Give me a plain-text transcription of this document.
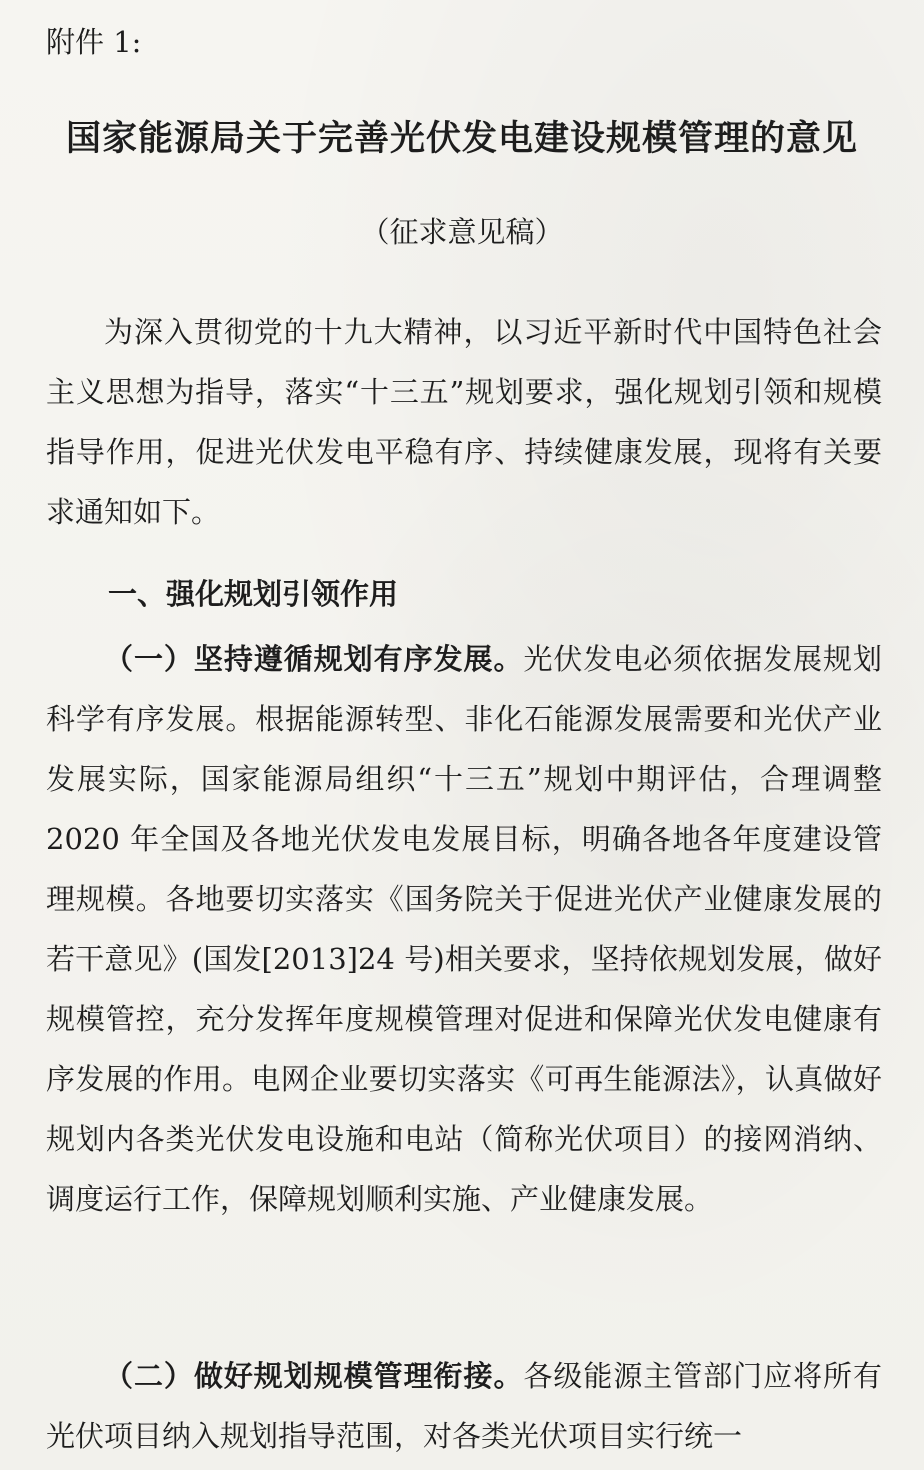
附件 1:
国家能源局关于完善光伏发电建设规模管理的意见
（征求意见稿）
为深入贯彻党的十九大精神，以习近平新时代中国特色社会主义思想为指导，落实“十三五”规划要求，强化规划引领和规模指导作用，促进光伏发电平稳有序、持续健康发展，现将有关要求通知如下。
一、强化规划引领作用
（一）坚持遵循规划有序发展。光伏发电必须依据发展规划科学有序发展。根据能源转型、非化石能源发展需要和光伏产业发展实际，国家能源局组织“十三五”规划中期评估，合理调整 2020 年全国及各地光伏发电发展目标，明确各地各年度建设管理规模。各地要切实落实《国务院关于促进光伏产业健康发展的若干意见》(国发[2013]24 号)相关要求，坚持依规划发展，做好规模管控，充分发挥年度规模管理对促进和保障光伏发电健康有序发展的作用。电网企业要切实落实《可再生能源法》，认真做好规划内各类光伏发电设施和电站（简称光伏项目）的接网消纳、调度运行工作，保障规划顺利实施、产业健康发展。
（二）做好规划规模管理衔接。各级能源主管部门应将所有光伏项目纳入规划指导范围，对各类光伏项目实行统一
